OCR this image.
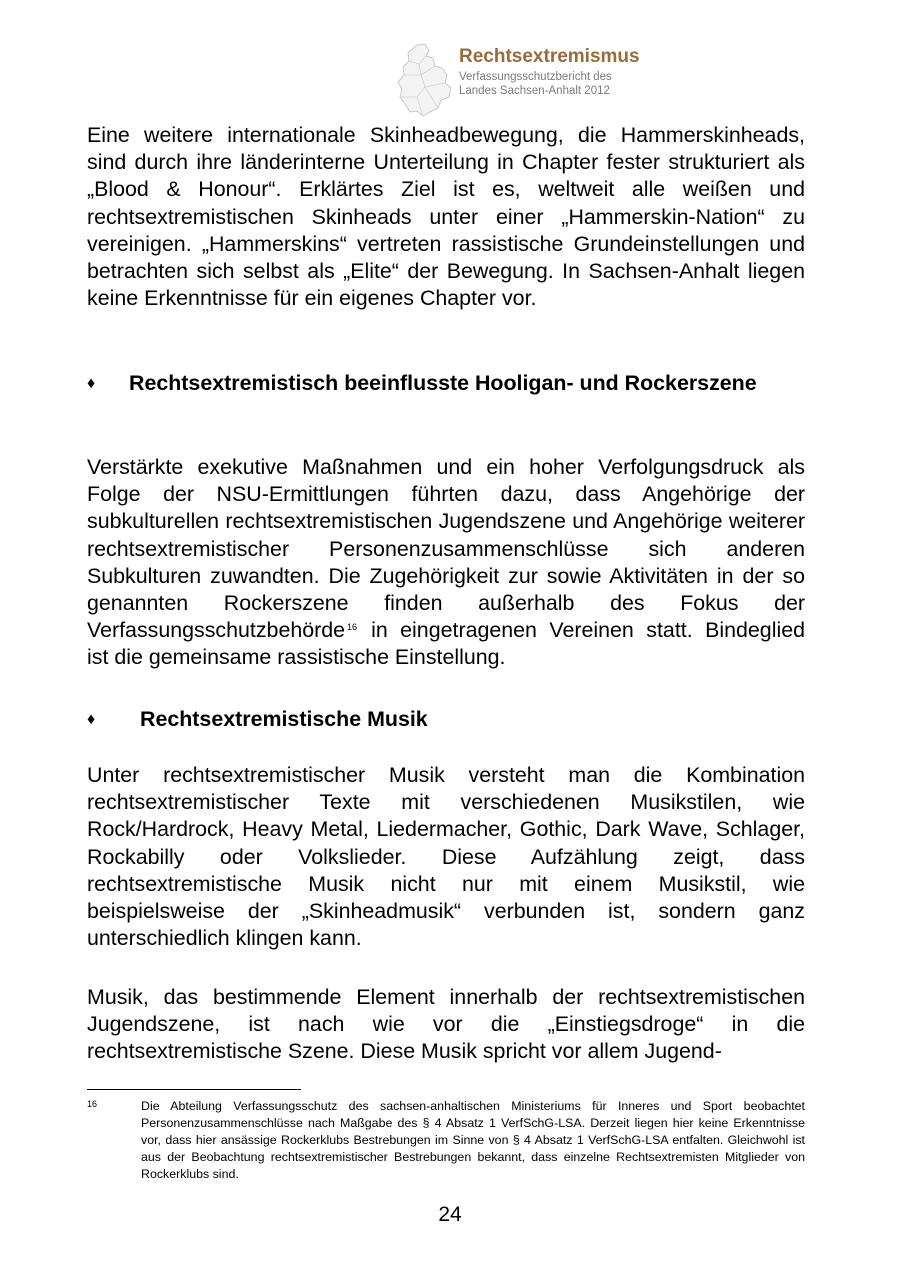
Rechtsextremismus
Verfassungsschutzbericht des
Landes Sachsen-Anhalt 2012

Eine weitere internationale Skinheadbewegung, die Hammerskinheads, sind durch ihre länderinterne Unterteilung in Chapter fester strukturiert als „Blood & Honour“. Erklärtes Ziel ist es, weltweit alle weißen und rechtsextremistischen Skinheads unter einer „Hammerskin-Nation“ zu vereinigen. „Hammerskins“ vertreten rassistische Grundeinstellungen und betrachten sich selbst als „Elite“ der Bewegung. In Sachsen-Anhalt liegen keine Erkenntnisse für ein eigenes Chapter vor.

♦ Rechtsextremistisch beeinflusste Hooligan- und Rockerszene

Verstärkte exekutive Maßnahmen und ein hoher Verfolgungsdruck als Folge der NSU-Ermittlungen führten dazu, dass Angehörige der subkulturellen rechtsextremistischen Jugendszene und Angehörige weiterer rechtsextremistischer Personenzusammenschlüsse sich anderen Subkulturen zuwandten. Die Zugehörigkeit zur sowie Aktivitäten in der so genannten Rockerszene finden außerhalb des Fokus der Verfassungsschutzbehörde $^{16}$ in eingetragenen Vereinen statt. Bindeglied ist die gemeinsame rassistische Einstellung.

♦ Rechtsextremistische Musik

Unter rechtsextremistischer Musik versteht man die Kombination rechtsextremistischer Texte mit verschiedenen Musikstilen, wie Rock/Hardrock, Heavy Metal, Liedermacher, Gothic, Dark Wave, Schlager, Rockabilly oder Volkslieder. Diese Aufzählung zeigt, dass rechtsextremistische Musik nicht nur mit einem Musikstil, wie beispielsweise der „Skinheadmusik“ verbunden ist, sondern ganz unterschiedlich klingen kann.

Musik, das bestimmende Element innerhalb der rechtsextremistischen Jugendszene, ist nach wie vor die „Einstiegsdroge“ in die rechtsextremistische Szene. Diese Musik spricht vor allem Jugend-

16	Die Abteilung Verfassungsschutz des sachsen-anhaltischen Ministeriums für Inneres und Sport beobachtet Personenzusammenschlüsse nach Maßgabe des § 4 Absatz 1 VerfSchG-LSA. Derzeit liegen hier keine Erkenntnisse vor, dass hier ansässige Rockerklubs Bestrebungen im Sinne von § 4 Absatz 1 VerfSchG-LSA entfalten. Gleichwohl ist aus der Beobachtung rechtsextremistischer Bestrebungen bekannt, dass einzelne Rechtsextremisten Mitglieder von Rockerklubs sind.
24
